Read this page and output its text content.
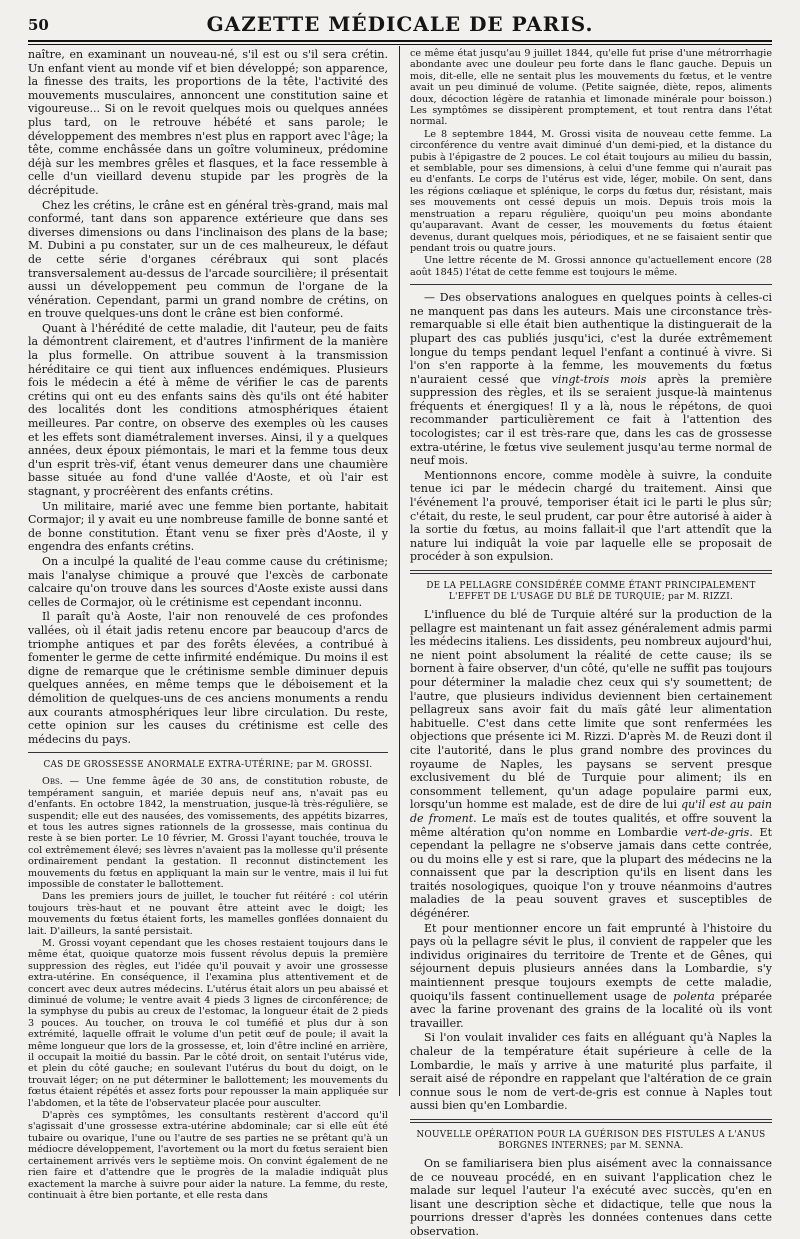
50	GAZETTE MÉDICALE DE PARIS.

naître, en examinant un nouveau-né, s'il est ou s'il sera crétin. Un enfant vient au monde vif et bien développé; son apparence, la finesse des traits, les proportions de la tête, l'activité des mouvements musculaires, annoncent une constitution saine et vigoureuse... Si on le revoit quelques mois ou quelques années plus tard, on le retrouve hébété et sans parole; le développement des membres n'est plus en rapport avec l'âge; la tête, comme enchâssée dans un goître volumineux, prédomine déjà sur les membres grêles et flasques, et la face ressemble à celle d'un vieillard devenu stupide par les progrès de la décrépitude.

Chez les crétins, le crâne est en général très-grand, mais mal conformé, tant dans son apparence extérieure que dans ses diverses dimensions ou dans l'inclinaison des plans de la base; M. Dubini a pu constater, sur un de ces malheureux, le défaut de cette série d'organes cérébraux qui sont placés transversalement au-dessus de l'arcade sourcilière; il présentait aussi un développement peu commun de l'organe de la vénération. Cependant, parmi un grand nombre de crétins, on en trouve quelques-uns dont le crâne est bien conformé.

Quant à l'hérédité de cette maladie, dit l'auteur, peu de faits la démontrent clairement, et d'autres l'infirment de la manière la plus formelle. On attribue souvent à la transmission héréditaire ce qui tient aux influences endémiques. Plusieurs fois le médecin a été à même de vérifier le cas de parents crétins qui ont eu des enfants sains dès qu'ils ont été habiter des localités dont les conditions atmosphériques étaient meilleures. Par contre, on observe des exemples où les causes et les effets sont diamétralement inverses. Ainsi, il y a quelques années, deux époux piémontais, le mari et la femme tous deux d'un esprit très-vif, étant venus demeurer dans une chaumière basse située au fond d'une vallée d'Aoste, et où l'air est stagnant, y procréèrent des enfants crétins.

Un militaire, marié avec une femme bien portante, habitait Cormajor; il y avait eu une nombreuse famille de bonne santé et de bonne constitution. Étant venu se fixer près d'Aoste, il y engendra des enfants crétins.

On a inculpé la qualité de l'eau comme cause du crétinisme; mais l'analyse chimique a prouvé que l'excès de carbonate calcaire qu'on trouve dans les sources d'Aoste existe aussi dans celles de Cormajor, où le crétinisme est cependant inconnu.

Il paraît qu'à Aoste, l'air non renouvelé de ces profondes vallées, où il était jadis retenu encore par beaucoup d'arcs de triomphe antiques et par des forêts élevées, a contribué à fomenter le germe de cette infirmité endémique. Du moins il est digne de remarque que le crétinisme semble diminuer depuis quelques années, en même temps que le déboisement et la démolition de quelques-uns de ces anciens monuments a rendu aux courants atmosphériques leur libre circulation. Du reste, cette opinion sur les causes du crétinisme est celle des médecins du pays.

CAS DE GROSSESSE ANORMALE EXTRA-UTÉRINE; par M. GROSSI.

Obs. — Une femme âgée de 30 ans, de constitution robuste, de tempérament sanguin, et mariée depuis neuf ans, n'avait pas eu d'enfants. En octobre 1842, la menstruation, jusque-là très-régulière, se suspendit; elle eut des nausées, des vomissements, des appétits bizarres, et tous les autres signes rationnels de la grossesse, mais continua du reste à se bien porter. Le 10 février, M. Grossi l'ayant touchée, trouva le col extrêmement élevé; ses lèvres n'avaient pas la mollesse qu'il présente ordinairement pendant la gestation. Il reconnut distinctement les mouvements du fœtus en appliquant la main sur le ventre, mais il lui fut impossible de constater le ballottement.

Dans les premiers jours de juillet, le toucher fut réitéré : col utérin toujours très-haut et ne pouvant être atteint avec le doigt; les mouvements du fœtus étaient forts, les mamelles gonflées donnaient du lait. D'ailleurs, la santé persistait.

M. Grossi voyant cependant que les choses restaient toujours dans le même état, quoique quatorze mois fussent révolus depuis la première suppression des règles, eut l'idée qu'il pouvait y avoir une grossesse extra-utérine. En conséquence, il l'examina plus attentivement et de concert avec deux autres médecins. L'utérus était alors un peu abaissé et diminué de volume; le ventre avait 4 pieds 3 lignes de circonférence; de la symphyse du pubis au creux de l'estomac, la longueur était de 2 pieds 3 pouces. Au toucher, on trouva le col tuméfié et plus dur à son extrémité, laquelle offrait le volume d'un petit œuf de poule; il avait la même longueur que lors de la grossesse, et, loin d'être incliné en arrière, il occupait la moitié du bassin. Par le côté droit, on sentait l'utérus vide, et plein du côté gauche; en soulevant l'utérus du bout du doigt, on le trouvait léger; on ne put déterminer le ballottement; les mouvements du fœtus étaient répétés et assez forts pour repousser la main appliquée sur l'abdomen, et la tête de l'observateur placée pour ausculter.

D'après ces symptômes, les consultants restèrent d'accord qu'il s'agissait d'une grossesse extra-utérine abdominale; car si elle eût été tubaire ou ovarique, l'une ou l'autre de ses parties ne se prêtant qu'à un médiocre développement, l'avortement ou la mort du fœtus seraient bien certainement arrivés vers le septième mois. On convint également de ne rien faire et d'attendre que le progrès de la maladie indiquât plus exactement la marche à suivre pour aider la nature. La femme, du reste, continuait à être bien portante, et elle resta dans

ce même état jusqu'au 9 juillet 1844, qu'elle fut prise d'une métrorrhagie abondante avec une douleur peu forte dans le flanc gauche. Depuis un mois, dit-elle, elle ne sentait plus les mouvements du fœtus, et le ventre avait un peu diminué de volume. (Petite saignée, diète, repos, aliments doux, décoction légère de ratanhia et limonade minérale pour boisson.) Les symptômes se dissipèrent promptement, et tout rentra dans l'état normal.

Le 8 septembre 1844, M. Grossi visita de nouveau cette femme. La circonférence du ventre avait diminué d'un demi-pied, et la distance du pubis à l'épigastre de 2 pouces. Le col était toujours au milieu du bassin, et semblable, pour ses dimensions, à celui d'une femme qui n'aurait pas eu d'enfants. Le corps de l'utérus est vide, léger, mobile. On sent, dans les régions cœliaque et splénique, le corps du fœtus dur, résistant, mais ses mouvements ont cessé depuis un mois. Depuis trois mois la menstruation a reparu régulière, quoiqu'un peu moins abondante qu'auparavant. Avant de cesser, les mouvements du fœtus étaient devenus, durant quelques mois, périodiques, et ne se faisaient sentir que pendant trois ou quatre jours.

Une lettre récente de M. Grossi annonce qu'actuellement encore (28 août 1845) l'état de cette femme est toujours le même.

— Des observations analogues en quelques points à celles-ci ne manquent pas dans les auteurs. Mais une circonstance très-remarquable si elle était bien authentique la distinguerait de la plupart des cas publiés jusqu'ici, c'est la durée extrêmement longue du temps pendant lequel l'enfant a continué à vivre. Si l'on s'en rapporte à la femme, les mouvements du fœtus n'auraient cessé que vingt-trois mois après la première suppression des règles, et ils se seraient jusque-là maintenus fréquents et énergiques! Il y a là, nous le répétons, de quoi recommander particulièrement ce fait à l'attention des tocologistes; car il est très-rare que, dans les cas de grossesse extra-utérine, le fœtus vive seulement jusqu'au terme normal de neuf mois.

Mentionnons encore, comme modèle à suivre, la conduite tenue ici par le médecin chargé du traitement. Ainsi que l'événement l'a prouvé, temporiser était ici le parti le plus sûr; c'était, du reste, le seul prudent, car pour être autorisé à aider à la sortie du fœtus, au moins fallait-il que l'art attendît que la nature lui indiquât la voie par laquelle elle se proposait de procéder à son expulsion.

DE LA PELLAGRE CONSIDÉRÉE COMME ÉTANT PRINCIPALEMENT L'EFFET DE L'USAGE DU BLÉ DE TURQUIE; par M. RIZZI.

L'influence du blé de Turquie altéré sur la production de la pellagre est maintenant un fait assez généralement admis parmi les médecins italiens. Les dissidents, peu nombreux aujourd'hui, ne nient point absolument la réalité de cette cause; ils se bornent à faire observer, d'un côté, qu'elle ne suffit pas toujours pour déterminer la maladie chez ceux qui s'y soumettent; de l'autre, que plusieurs individus deviennent bien certainement pellagreux sans avoir fait du maïs gâté leur alimentation habituelle. C'est dans cette limite que sont renfermées les objections que présente ici M. Rizzi. D'après M. de Reuzi dont il cite l'autorité, dans le plus grand nombre des provinces du royaume de Naples, les paysans se servent presque exclusivement du blé de Turquie pour aliment; ils en consomment tellement, qu'un adage populaire parmi eux, lorsqu'un homme est malade, est de dire de lui qu'il est au pain de froment. Le maïs est de toutes qualités, et offre souvent la même altération qu'on nomme en Lombardie vert-de-gris. Et cependant la pellagre ne s'observe jamais dans cette contrée, ou du moins elle y est si rare, que la plupart des médecins ne la connaissent que par la description qu'ils en lisent dans les traités nosologiques, quoique l'on y trouve néanmoins d'autres maladies de la peau souvent graves et susceptibles de dégénérer.

Et pour mentionner encore un fait emprunté à l'histoire du pays où la pellagre sévit le plus, il convient de rappeler que les individus originaires du territoire de Trente et de Gênes, qui séjournent depuis plusieurs années dans la Lombardie, s'y maintiennent presque toujours exempts de cette maladie, quoiqu'ils fassent continuellement usage de polenta préparée avec la farine provenant des grains de la localité où ils vont travailler.

Si l'on voulait invalider ces faits en alléguant qu'à Naples la chaleur de la température était supérieure à celle de la Lombardie, le maïs y arrive à une maturité plus parfaite, il serait aisé de répondre en rappelant que l'altération de ce grain connue sous le nom de vert-de-gris est connue à Naples tout aussi bien qu'en Lombardie.

NOUVELLE OPÉRATION POUR LA GUÉRISON DES FISTULES A L'ANUS BORGNES INTERNES; par M. SENNA.

On se familiarisera bien plus aisément avec la connaissance de ce nouveau procédé, en en suivant l'application chez le malade sur lequel l'auteur l'a exécuté avec succès, qu'en en lisant une description sèche et didactique, telle que nous la pourrions dresser d'après les données contenues dans cette observation.
